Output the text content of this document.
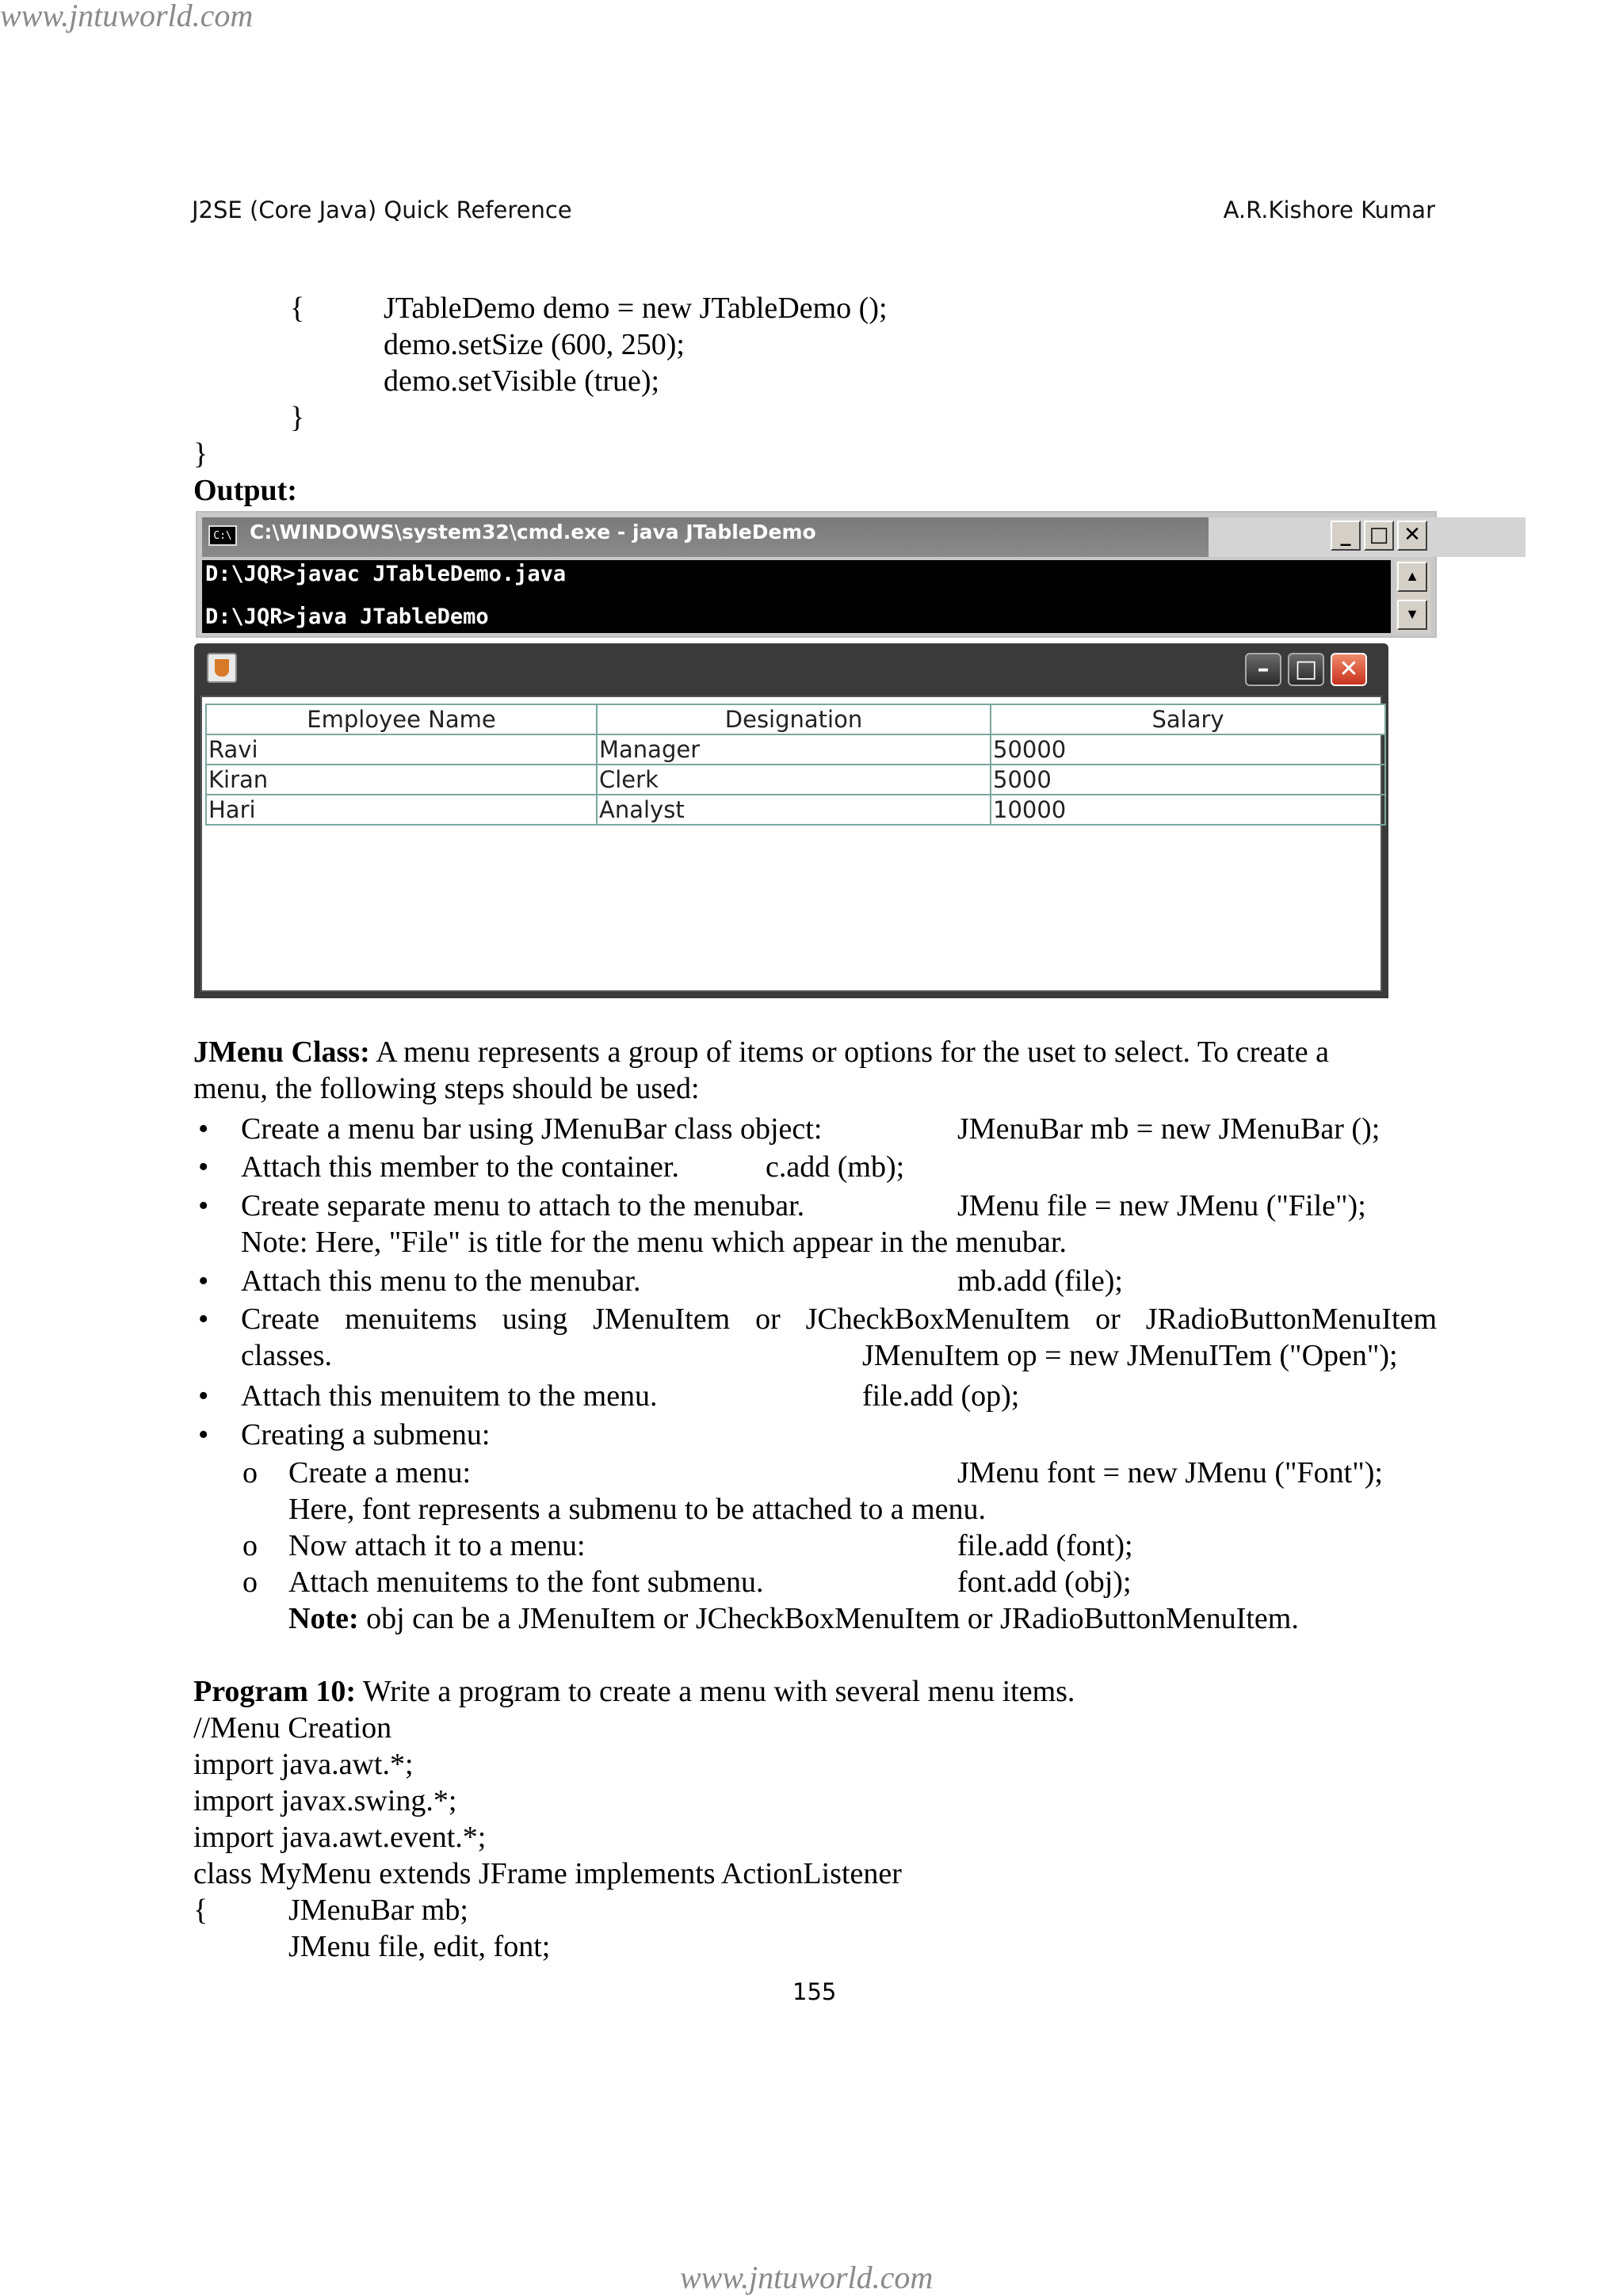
www.jntuworld.com
J2SE (Core Java) Quick Reference	A.R.Kishore Kumar
{	JTableDemo demo = new JTableDemo ();
demo.setSize (600, 250);
demo.setVisible (true);
}
}
Output:
C:\ C:\WINDOWS\system32\cmd.exe - java JTableDemo	_ □ ✕
D:\JQR>javac JTableDemo.java
D:\JQR>java JTableDemo
▲
▼
–	□ ✕
Employee Name	Designation	Salary
Ravi	Manager	50000
Kiran	Clerk	5000
Hari	Analyst	10000
JMenu Class: A menu represents a group of items or options for the uset to select. To create a
menu, the following steps should be used:
• Create a menu bar using JMenuBar class object:	JMenuBar mb = new JMenuBar ();
• Attach this member to the container.	c.add (mb);
• Create separate menu to attach to the menubar.	JMenu file = new JMenu ("File");
Note: Here, "File" is title for the menu which appear in the menubar.
• Attach this menu to the menubar.	mb.add (file);
• Create menuitems using JMenuItem or JCheckBoxMenuItem or JRadioButtonMenuItem
classes.	JMenuItem op = new JMenuITem ("Open");
• Attach this menuitem to the menu.	file.add (op);
• Creating a submenu:
o Create a menu:	JMenu font = new JMenu ("Font");
Here, font represents a submenu to be attached to a menu.
o Now attach it to a menu:	file.add (font);
o Attach menuitems to the font submenu.	font.add (obj);
Note: obj can be a JMenuItem or JCheckBoxMenuItem or JRadioButtonMenuItem.
Program 10: Write a program to create a menu with several menu items.
//Menu Creation
import java.awt.*;
import javax.swing.*;
import java.awt.event.*;
class MyMenu extends JFrame implements ActionListener
{	JMenuBar mb;
JMenu file, edit, font;
155
www.jntuworld.com
